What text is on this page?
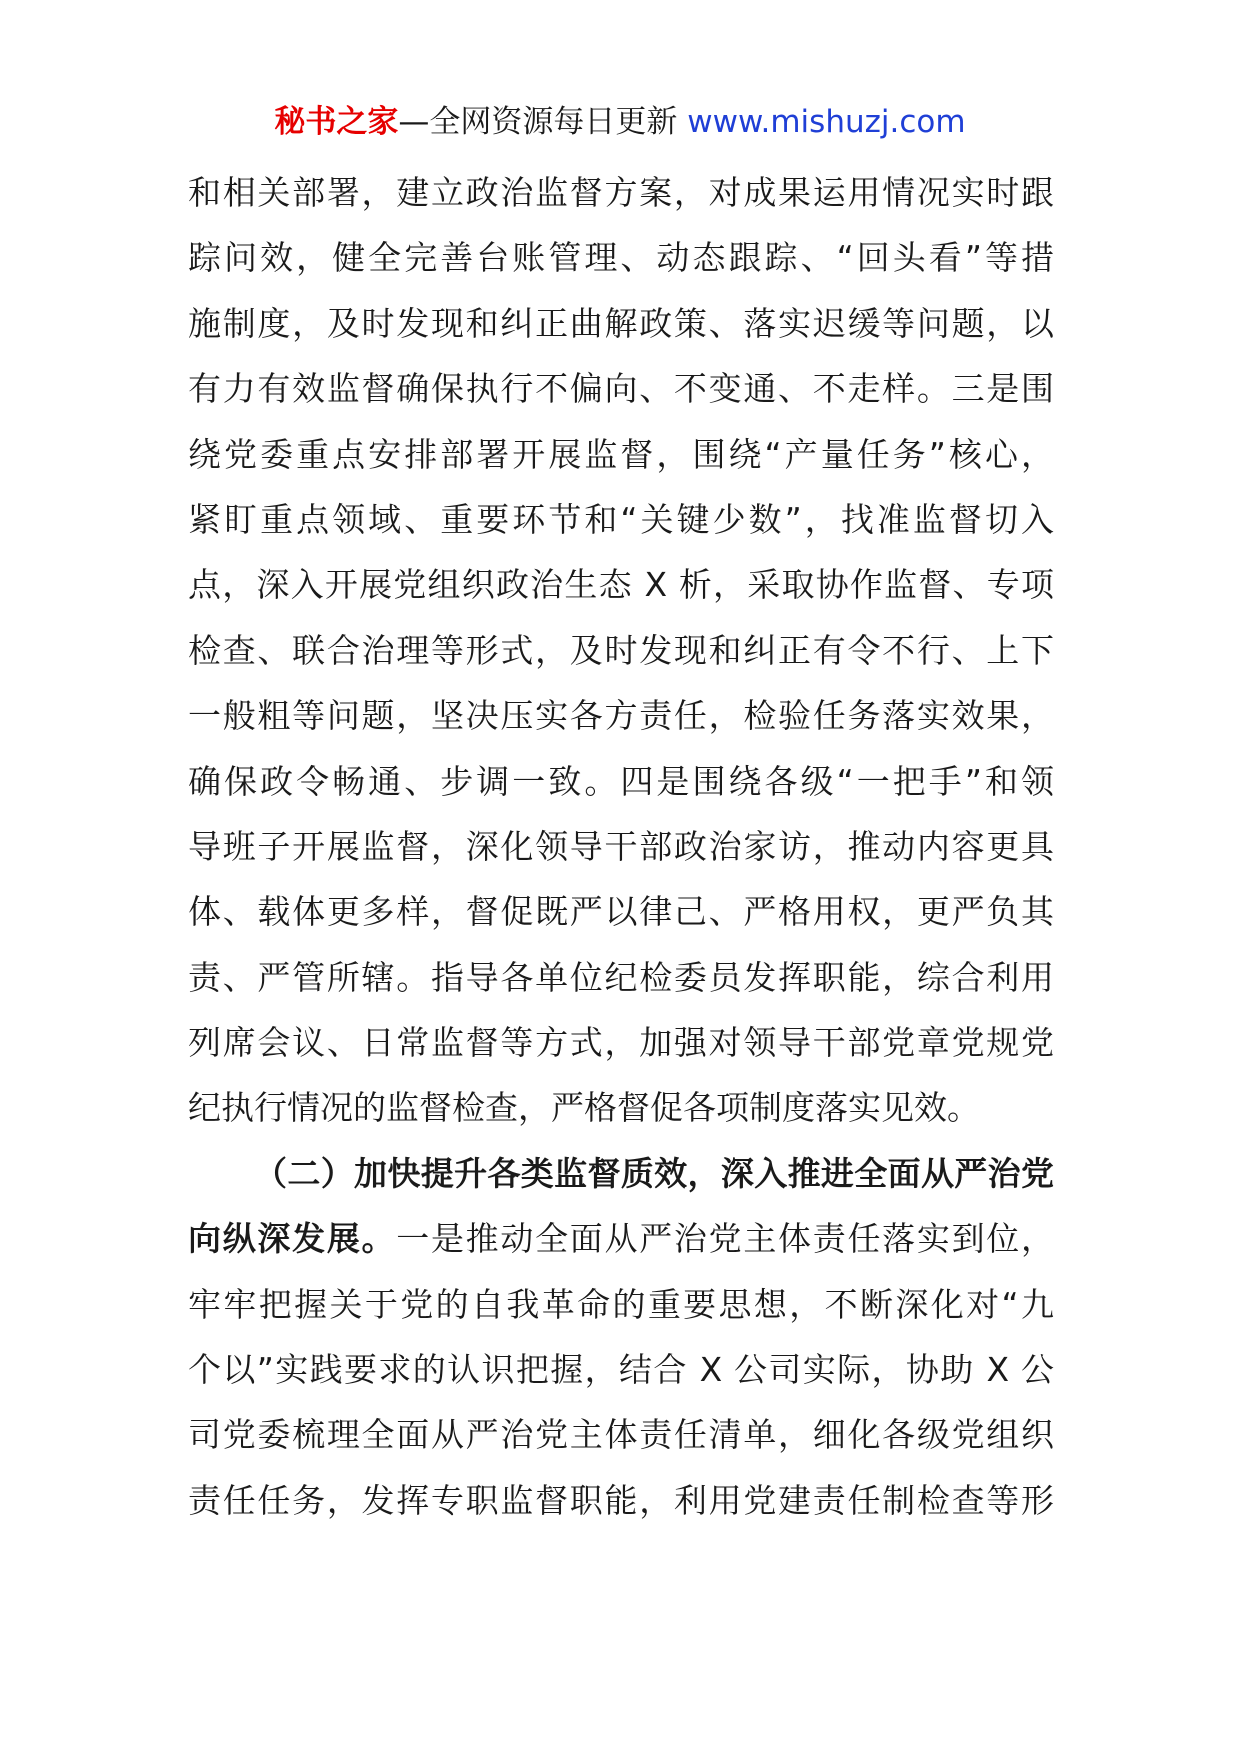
秘书之家—全网资源每日更新 www.mishuzj.com
和相关部署，建立政治监督方案，对成果运用情况实时跟
踪问效，健全完善台账管理、动态跟踪、“回头看”等措
施制度，及时发现和纠正曲解政策、落实迟缓等问题，以
有力有效监督确保执行不偏向、不变通、不走样。三是围
绕党委重点安排部署开展监督，围绕“产量任务”核心，
紧盯重点领域、重要环节和“关键少数”，找准监督切入
点，深入开展党组织政治生态 X 析，采取协作监督、专项
检查、联合治理等形式，及时发现和纠正有令不行、上下
一般粗等问题，坚决压实各方责任，检验任务落实效果，
确保政令畅通、步调一致。四是围绕各级“一把手”和领
导班子开展监督，深化领导干部政治家访，推动内容更具
体、载体更多样，督促既严以律己、严格用权，更严负其
责、严管所辖。指导各单位纪检委员发挥职能，综合利用
列席会议、日常监督等方式，加强对领导干部党章党规党
纪执行情况的监督检查，严格督促各项制度落实见效。
（二）加快提升各类监督质效，深入推进全面从严治党
向纵深发展。一是推动全面从严治党主体责任落实到位，
牢牢把握关于党的自我革命的重要思想，不断深化对“九
个以”实践要求的认识把握，结合 X 公司实际，协助 X 公
司党委梳理全面从严治党主体责任清单，细化各级党组织
责任任务，发挥专职监督职能，利用党建责任制检查等形
